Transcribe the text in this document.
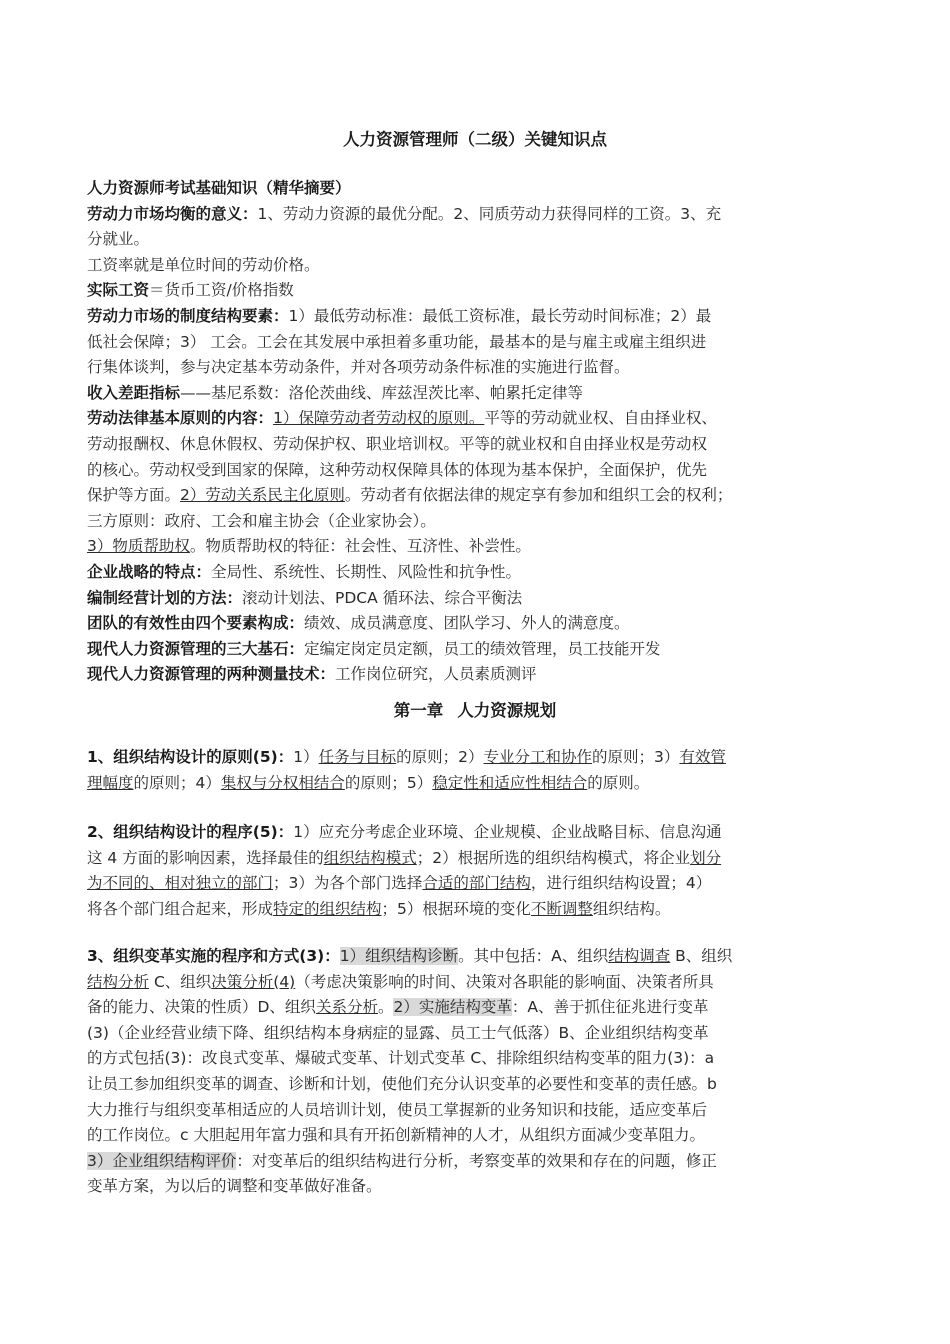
人力资源管理师（二级）关键知识点
人力资源师考试基础知识（精华摘要）
劳动力市场均衡的意义：1、劳动力资源的最优分配。2、同质劳动力获得同样的工资。3、充
分就业。
工资率就是单位时间的劳动价格。
实际工资＝货币工资/价格指数
劳动力市场的制度结构要素：1）最低劳动标准：最低工资标准，最长劳动时间标准；2）最
低社会保障；3） 工会。工会在其发展中承担着多重功能，最基本的是与雇主或雇主组织进
行集体谈判，参与决定基本劳动条件，并对各项劳动条件标准的实施进行监督。
收入差距指标——基尼系数：洛伦茨曲线、库兹涅茨比率、帕累托定律等
劳动法律基本原则的内容：1）保障劳动者劳动权的原则。平等的劳动就业权、自由择业权、
劳动报酬权、休息休假权、劳动保护权、职业培训权。平等的就业权和自由择业权是劳动权
的核心。劳动权受到国家的保障，这种劳动权保障具体的体现为基本保护，全面保护，优先
保护等方面。2）劳动关系民主化原则。劳动者有依据法律的规定享有参加和组织工会的权利；
三方原则：政府、工会和雇主协会（企业家协会）。
3）物质帮助权。物质帮助权的特征：社会性、互济性、补尝性。
企业战略的特点：全局性、系统性、长期性、风险性和抗争性。
编制经营计划的方法：滚动计划法、PDCA 循环法、综合平衡法
团队的有效性由四个要素构成：绩效、成员满意度、团队学习、外人的满意度。
现代人力资源管理的三大基石：定编定岗定员定额，员工的绩效管理，员工技能开发
现代人力资源管理的两种测量技术：工作岗位研究，人员素质测评
第一章 人力资源规划
1、组织结构设计的原则(5)：1）任务与目标的原则；2）专业分工和协作的原则；3）有效管
理幅度的原则；4）集权与分权相结合的原则；5）稳定性和适应性相结合的原则。
2、组织结构设计的程序(5)：1）应充分考虑企业环境、企业规模、企业战略目标、信息沟通
这 4 方面的影响因素，选择最佳的组织结构模式；2）根据所选的组织结构模式，将企业划分
为不同的、相对独立的部门；3）为各个部门选择合适的部门结构，进行组织结构设置；4）
将各个部门组合起来，形成特定的组织结构；5）根据环境的变化不断调整组织结构。
3、组织变革实施的程序和方式(3)：1）组织结构诊断。其中包括：A、组织结构调查 B、组织
结构分析 C、组织决策分析(4)（考虑决策影响的时间、决策对各职能的影响面、决策者所具
备的能力、决策的性质）D、组织关系分析。2）实施结构变革：A、善于抓住征兆进行变革
(3)（企业经营业绩下降、组织结构本身病症的显露、员工士气低落）B、企业组织结构变革
的方式包括(3)：改良式变革、爆破式变革、计划式变革 C、排除组织结构变革的阻力(3)：a
让员工参加组织变革的调查、诊断和计划，使他们充分认识变革的必要性和变革的责任感。b
大力推行与组织变革相适应的人员培训计划，使员工掌握新的业务知识和技能，适应变革后
的工作岗位。c 大胆起用年富力强和具有开拓创新精神的人才，从组织方面减少变革阻力。
3）企业组织结构评价：对变革后的组织结构进行分析，考察变革的效果和存在的问题，修正
变革方案，为以后的调整和变革做好准备。
